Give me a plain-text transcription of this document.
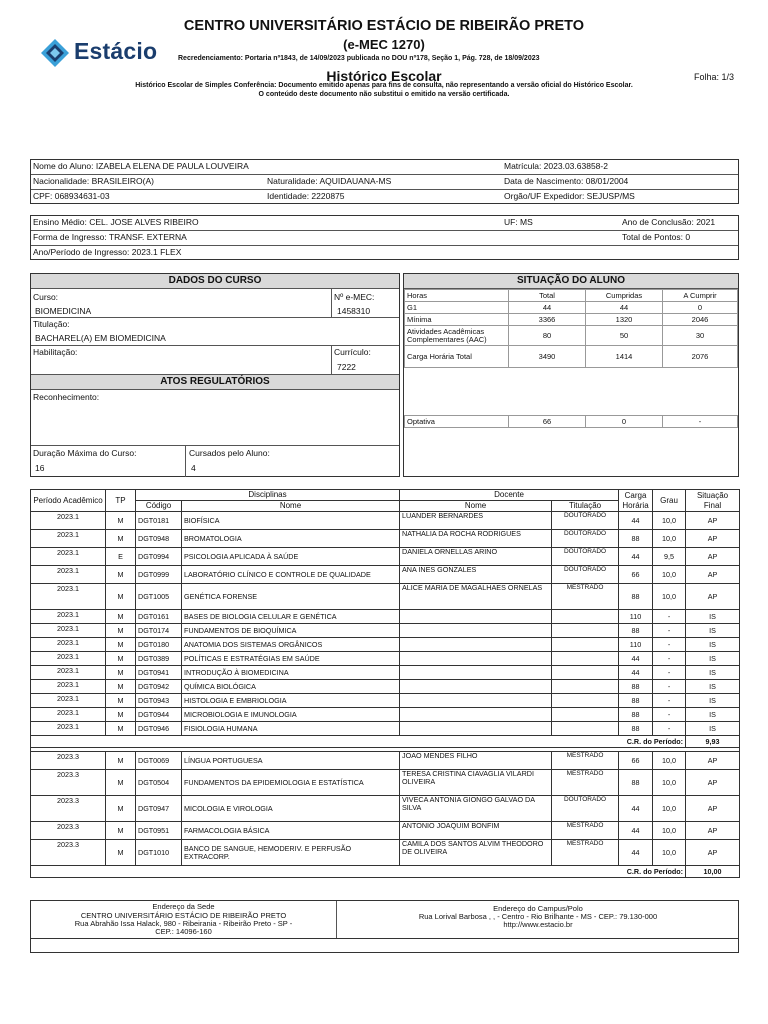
Estácio
CENTRO UNIVERSITÁRIO ESTÁCIO DE RIBEIRÃO PRETO
(e-MEC 1270)
Recredenciamento: Portaria nº1843, de 14/09/2023 publicada no DOU nº178, Seção 1, Pág. 728, de 18/09/2023
Histórico Escolar	Folha: 1/3
Histórico Escolar de Simples Conferência: Documento emitido apenas para fins de consulta, não representando a versão oficial do Histórico Escolar.
O conteúdo deste documento não substitui o emitido na versão certificada.
Nome do Aluno: IZABELA ELENA DE PAULA LOUVEIRA	Matrícula: 2023.03.63858-2
Nacionalidade: BRASILEIRO(A)	Naturalidade: AQUIDAUANA-MS	Data de Nascimento: 08/01/2004
CPF: 068934631-03	Identidade: 2220875	Orgão/UF Expedidor: SEJUSP/MS
Ensino Médio: CEL. JOSE ALVES RIBEIRO	UF: MS	Ano de Conclusão: 2021
Forma de Ingresso: TRANSF. EXTERNA	Total de Pontos: 0
Ano/Período de Ingresso: 2023.1 FLEX
DADOS DO CURSO
Curso:
BIOMEDICINA
Nº e-MEC:
1458310
Titulação:
BACHAREL(A) EM BIOMEDICINA
Habilitação:	Currículo:
7222
ATOS REGULATÓRIOS
Reconhecimento:
Duração Máxima do Curso:
16
Cursados pelo Aluno:
4
SITUAÇÃO DO ALUNO
Horas	Total	Cumpridas	A Cumprir
G1	44	44	0
Mínima	3366	1320	2046
Atividades Acadêmicas Complementares (AAC)	80	50	30
Carga Horária Total	3490	1414	2076
Optativa	66	0	-
Período Acadêmico	TP	Disciplinas		Docente		Carga Horária	Grau	Situação Final
		Código	Nome	Nome	Titulação			
2023.1	M	DGT0181	BIOFÍSICA	LUANDER BERNARDES	DOUTORADO	44	10,0	AP
2023.1	M	DGT0948	BROMATOLOGIA	NATHALIA DA ROCHA RODRIGUES	DOUTORADO	88	10,0	AP
2023.1	E	DGT0994	PSICOLOGIA APLICADA À SAÚDE	DANIELA ORNELLAS ARINO	DOUTORADO	44	9,5	AP
2023.1	M	DGT0999	LABORATÓRIO CLÍNICO E CONTROLE DE QUALIDADE	ANA INES GONZALES	DOUTORADO	66	10,0	AP
2023.1	M	DGT1005	GENÉTICA FORENSE	ALICE MARIA DE MAGALHAES ORNELAS	MESTRADO	88	10,0	AP
2023.1	M	DGT0161	BASES DE BIOLOGIA CELULAR E GENÉTICA			110	-	IS
2023.1	M	DGT0174	FUNDAMENTOS DE BIOQUÍMICA			88	-	IS
2023.1	M	DGT0180	ANATOMIA DOS SISTEMAS ORGÂNICOS			110	-	IS
2023.1	M	DGT0389	POLÍTICAS E ESTRATÉGIAS EM SAÚDE			44	-	IS
2023.1	M	DGT0941	INTRODUÇÃO À BIOMEDICINA			44	-	IS
2023.1	M	DGT0942	QUÍMICA BIOLÓGICA			88	-	IS
2023.1	M	DGT0943	HISTOLOGIA E EMBRIOLOGIA			88	-	IS
2023.1	M	DGT0944	MICROBIOLOGIA E IMUNOLOGIA			88	-	IS
2023.1	M	DGT0946	FISIOLOGIA HUMANA			88	-	IS
C.R. do Período:								9,93

2023.3	M	DGT0069	LÍNGUA PORTUGUESA	JOAO MENDES FILHO	MESTRADO	66	10,0	AP
2023.3	M	DGT0504	FUNDAMENTOS DA EPIDEMIOLOGIA E ESTATÍSTICA	TERESA CRISTINA CIAVAGLIA VILARDI OLIVEIRA	MESTRADO	88	10,0	AP
2023.3	M	DGT0947	MICOLOGIA E VIROLOGIA	VIVECA ANTONIA GIONGO GALVAO DA SILVA	DOUTORADO	44	10,0	AP
2023.3	M	DGT0951	FARMACOLOGIA BÁSICA	ANTONIO JOAQUIM BONFIM	MESTRADO	44	10,0	AP
2023.3	M	DGT1010	BANCO DE SANGUE, HEMODERIV. E PERFUSÃO EXTRACORP.	CAMILA DOS SANTOS ALVIM THEODORO DE OLIVEIRA	MESTRADO	44	10,0	AP
C.R. do Período:								10,00
Endereço da Sede
CENTRO UNIVERSITÁRIO ESTÁCIO DE RIBEIRÃO PRETO
Rua Abrahão Issa Halack, 980 - Ribeirania - Ribeirão Preto - SP -
CEP.: 14096-160
Endereço do Campus/Polo
Rua Lorival Barbosa , , - Centro - Rio Brilhante - MS - CEP.: 79.130-000
http://www.estacio.br
